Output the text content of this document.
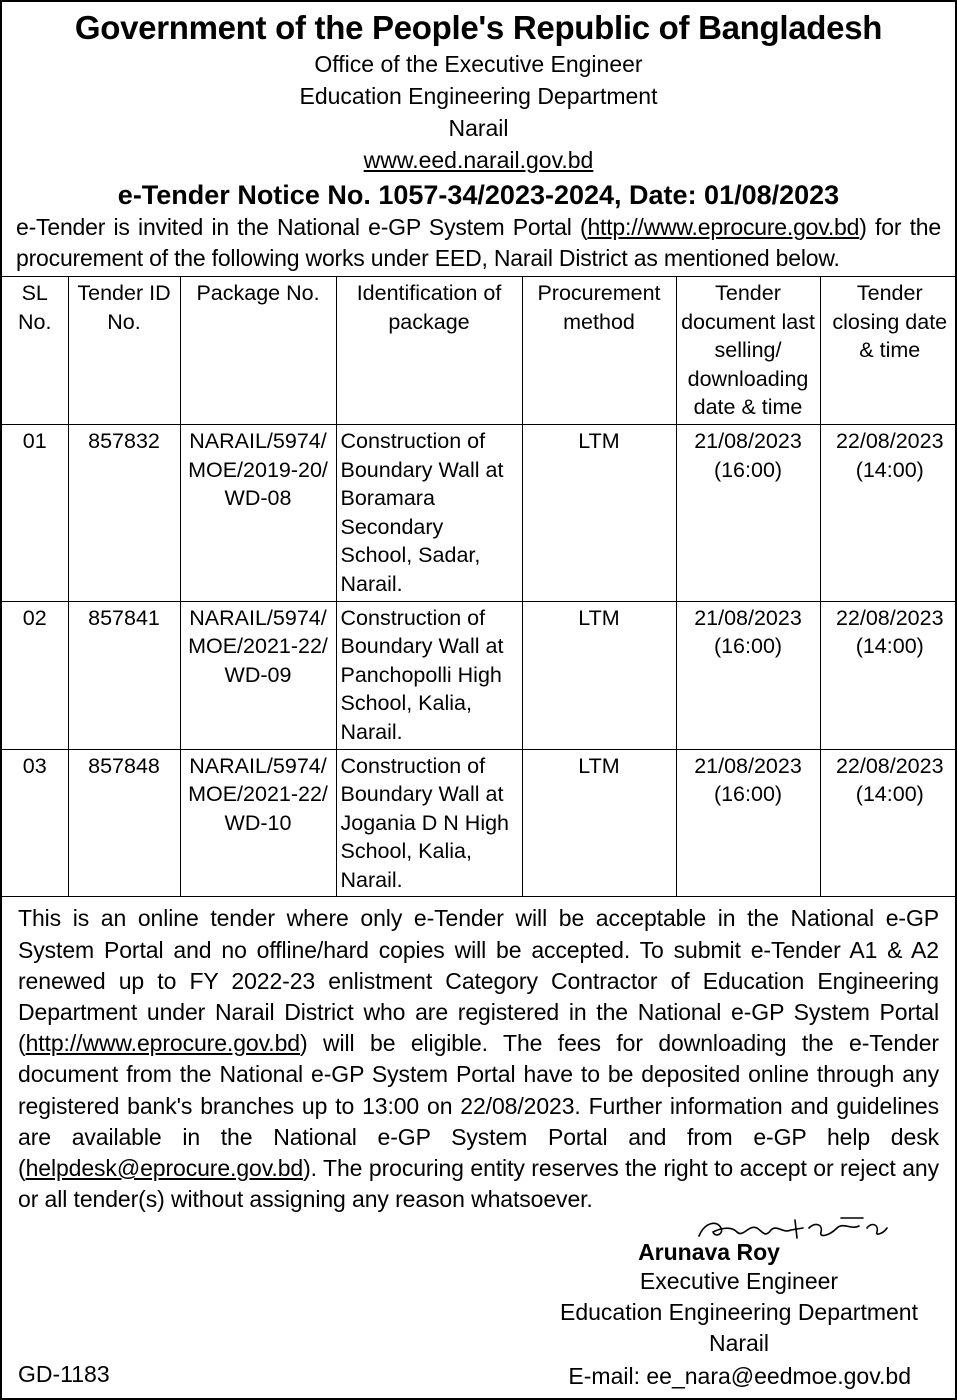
Government of the People's Republic of Bangladesh
Office of the Executive Engineer
Education Engineering Department
Narail
www.eed.narail.gov.bd
e-Tender Notice No. 1057-34/2023-2024, Date: 01/08/2023
e-Tender is invited in the National e-GP System Portal (http://www.eprocure.gov.bd) for the procurement of the following works under EED, Narail District as mentioned below.
SL No.	Tender ID No.	Package No.	Identification of package	Procurement method	Tender document last selling/ downloading date & time	Tender closing date & time
01	857832	NARAIL/5974/MOE/2019-20/WD-08	Construction of Boundary Wall at Boramara Secondary School, Sadar, Narail.	LTM	21/08/2023 (16:00)	22/08/2023 (14:00)
02	857841	NARAIL/5974/MOE/2021-22/WD-09	Construction of Boundary Wall at Panchopolli High School, Kalia, Narail.	LTM	21/08/2023 (16:00)	22/08/2023 (14:00)
03	857848	NARAIL/5974/MOE/2021-22/WD-10	Construction of Boundary Wall at Jogania D N High School, Kalia, Narail.	LTM	21/08/2023 (16:00)	22/08/2023 (14:00)
This is an online tender where only e-Tender will be acceptable in the National e-GP System Portal and no offline/hard copies will be accepted. To submit e-Tender A1 & A2 renewed up to FY 2022-23 enlistment Category Contractor of Education Engineering Department under Narail District who are registered in the National e-GP System Portal (http://www.eprocure.gov.bd) will be eligible. The fees for downloading the e-Tender document from the National e-GP System Portal have to be deposited online through any registered bank's branches up to 13:00 on 22/08/2023. Further information and guidelines are available in the National e-GP System Portal and from e-GP help desk (helpdesk@eprocure.gov.bd). The procuring entity reserves the right to accept or reject any or all tender(s) without assigning any reason whatsoever.
Arunava Roy
Executive Engineer
Education Engineering Department
Narail
GD-1183	E-mail: ee_nara@eedmoe.gov.bd
